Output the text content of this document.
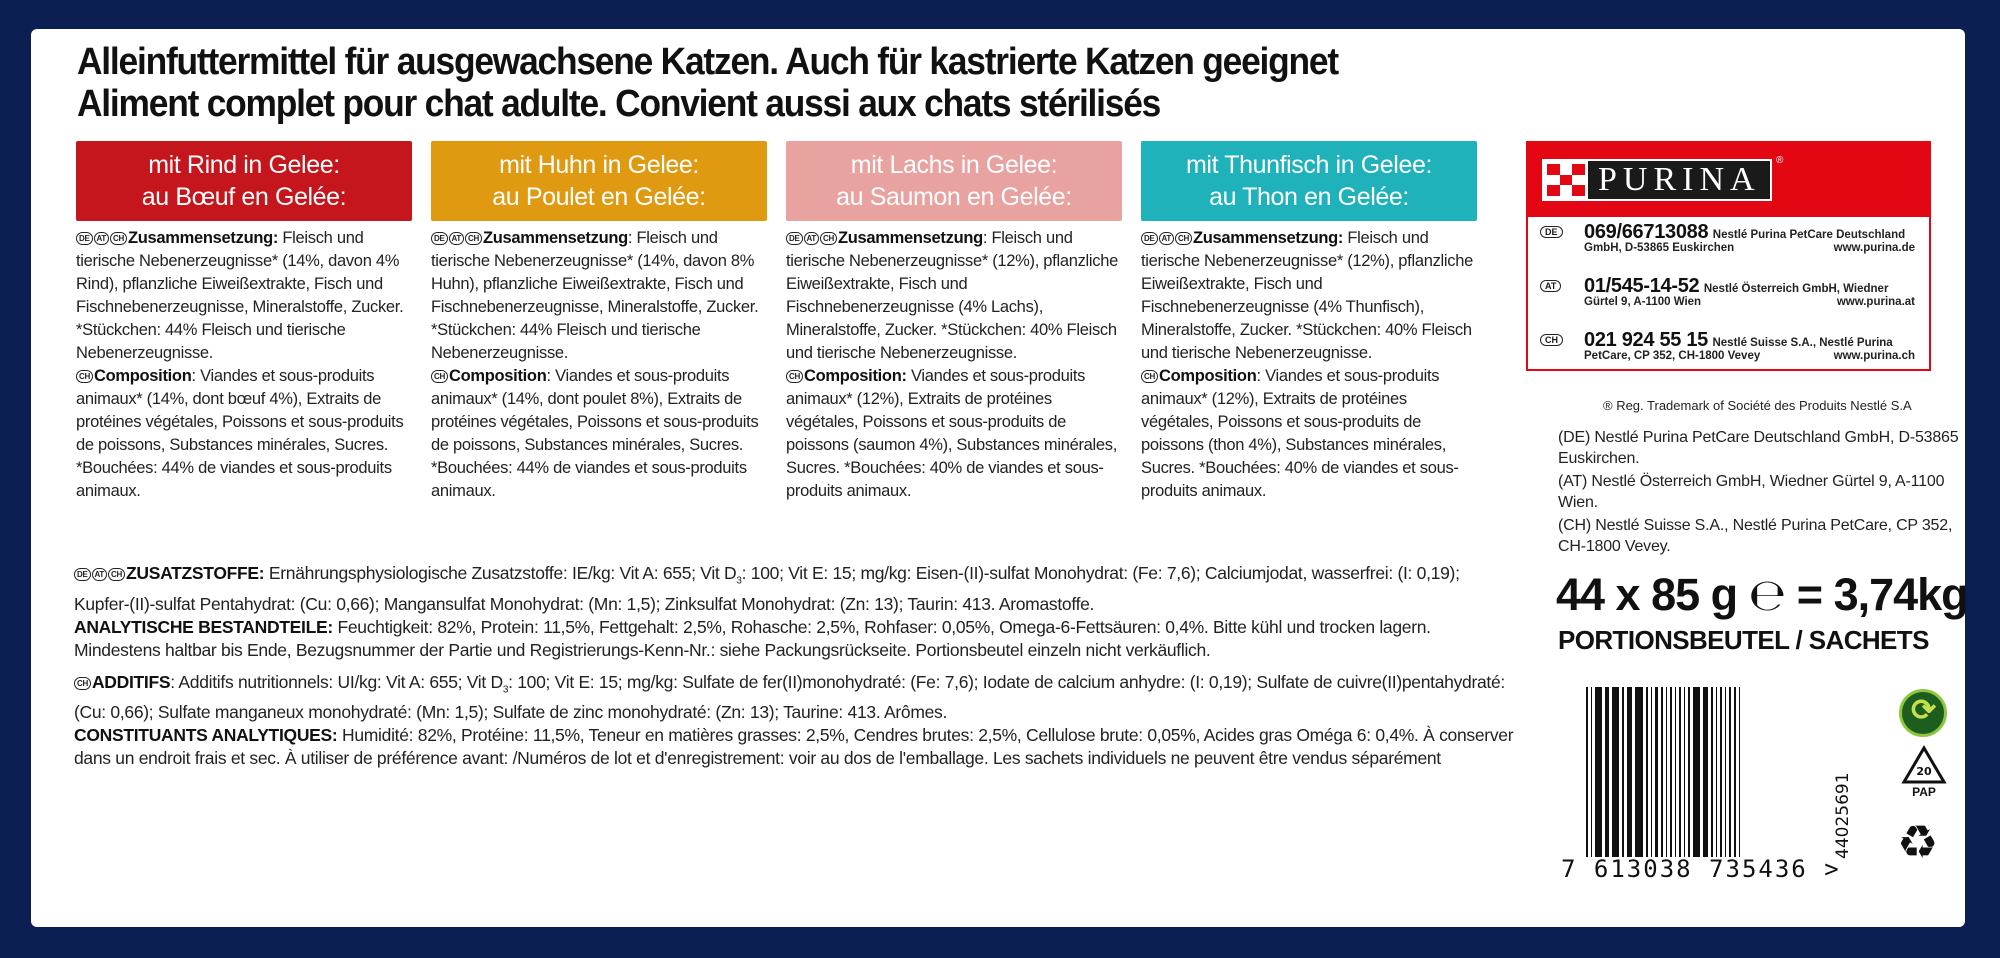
Alleinfuttermittel für ausgewachsene Katzen. Auch für kastrierte Katzen geeignet
Aliment complet pour chat adulte. Convient aussi aux chats stérilisés
mit Rind in Gelee:
au Bœuf en Gelée:
DE AT CH Zusammensetzung: Fleisch und tierische Nebenerzeugnisse* (14%, davon 4% Rind), pflanzliche Eiweißextrakte, Fisch und Fischnebenerzeugnisse, Mineralstoffe, Zucker. *Stückchen: 44% Fleisch und tierische Nebenerzeugnisse.
CH Composition: Viandes et sous-produits animaux* (14%, dont bœuf 4%), Extraits de protéines végétales, Poissons et sous-produits de poissons, Substances minérales, Sucres. *Bouchées: 44% de viandes et sous-produits animaux.
mit Huhn in Gelee:
au Poulet en Gelée:
DE AT CH Zusammensetzung: Fleisch und tierische Nebenerzeugnisse* (14%, davon 8% Huhn), pflanzliche Eiweißextrakte, Fisch und Fischnebenerzeugnisse, Mineralstoffe, Zucker. *Stückchen: 44% Fleisch und tierische Nebenerzeugnisse.
CH Composition: Viandes et sous-produits animaux* (14%, dont poulet 8%), Extraits de protéines végétales, Poissons et sous-produits de poissons, Substances minérales, Sucres. *Bouchées: 44% de viandes et sous-produits animaux.
mit Lachs in Gelee:
au Saumon en Gelée:
DE AT CH Zusammensetzung: Fleisch und tierische Nebenerzeugnisse* (12%), pflanzliche Eiweißextrakte, Fisch und Fischnebenerzeugnisse (4% Lachs), Mineralstoffe, Zucker. *Stückchen: 40% Fleisch und tierische Nebenerzeugnisse.
CH Composition: Viandes et sous-produits animaux* (12%), Extraits de protéines végétales, Poissons et sous-produits de poissons (saumon 4%), Substances minérales, Sucres. *Bouchées: 40% de viandes et sous-produits animaux.
mit Thunfisch in Gelee:
au Thon en Gelée:
DE AT CH Zusammensetzung: Fleisch und tierische Nebenerzeugnisse* (12%), pflanzliche Eiweißextrakte, Fisch und Fischnebenerzeugnisse (4% Thunfisch), Mineralstoffe, Zucker. *Stückchen: 40% Fleisch und tierische Nebenerzeugnisse.
CH Composition: Viandes et sous-produits animaux* (12%), Extraits de protéines végétales, Poissons et sous-produits de poissons (thon 4%), Substances minérales, Sucres. *Bouchées: 40% de viandes et sous-produits animaux.

DE AT CH ZUSATZSTOFFE: Ernährungsphysiologische Zusatzstoffe: IE/kg: Vit A: 655; Vit $D_3$: 100; Vit E: 15; mg/kg: Eisen-(II)-sulfat Monohydrat: (Fe: 7,6); Calciumjodat, wasserfrei: (I: 0,19); Kupfer-(II)-sulfat Pentahydrat: (Cu: 0,66); Mangansulfat Monohydrat: (Mn: 1,5); Zinksulfat Monohydrat: (Zn: 13); Taurin: 413. Aromastoffe.

ANALYTISCHE BESTANDTEILE: Feuchtigkeit: 82%, Protein: 11,5%, Fettgehalt: 2,5%, Rohasche: 2,5%, Rohfaser: 0,05%, Omega-6-Fettsäuren: 0,4%. Bitte kühl und trocken lagern. Mindestens haltbar bis Ende, Bezugsnummer der Partie und Registrierungs-Kenn-Nr.: siehe Packungsrückseite. Portionsbeutel einzeln nicht verkäuflich.

CH ADDITIFS: Additifs nutritionnels: UI/kg: Vit A: 655; Vit $D_3$: 100; Vit E: 15; mg/kg: Sulfate de fer(II)monohydraté: (Fe: 7,6); Iodate de calcium anhydre: (I: 0,19); Sulfate de cuivre(II)pentahydraté: (Cu: 0,66); Sulfate manganeux monohydraté: (Mn: 1,5); Sulfate de zinc monohydraté: (Zn: 13); Taurine: 413. Arômes.

CONSTITUANTS ANALYTIQUES: Humidité: 82%, Protéine: 11,5%, Teneur en matières grasses: 2,5%, Cendres brutes: 2,5%, Cellulose brute: 0,05%, Acides gras Oméga 6: 0,4%. À conserver dans un endroit frais et sec. À utiliser de préférence avant: /Numéros de lot et d'enregistrement: voir au dos de l'emballage. Les sachets individuels ne peuvent être vendus séparément

PURINA
®
DE 069/66713088 Nestlé Purina PetCare Deutschland
GmbH, D-53865 Euskirchen	www.purina.de
AT 01/545-14-52 Nestlé Österreich GmbH, Wiedner
Gürtel 9, A-1100 Wien	www.purina.at
CH 021 924 55 15 Nestlé Suisse S.A., Nestlé Purina
PetCare, CP 352, CH-1800 Vevey	www.purina.ch
® Reg. Trademark of Société des Produits Nestlé S.A

(DE) Nestlé Purina PetCare Deutschland GmbH, D-53865 Euskirchen.

(AT) Nestlé Österreich GmbH, Wiedner Gürtel 9, A-1100 Wien.

(CH) Nestlé Suisse S.A., Nestlé Purina PetCare, CP 352, CH-1800 Vevey.

44 x 85 g ℮ = 3,74kg
PORTIONSBEUTEL / SACHETS
7 613038 735436 >
44025691
⟳
20
PAP
♻
